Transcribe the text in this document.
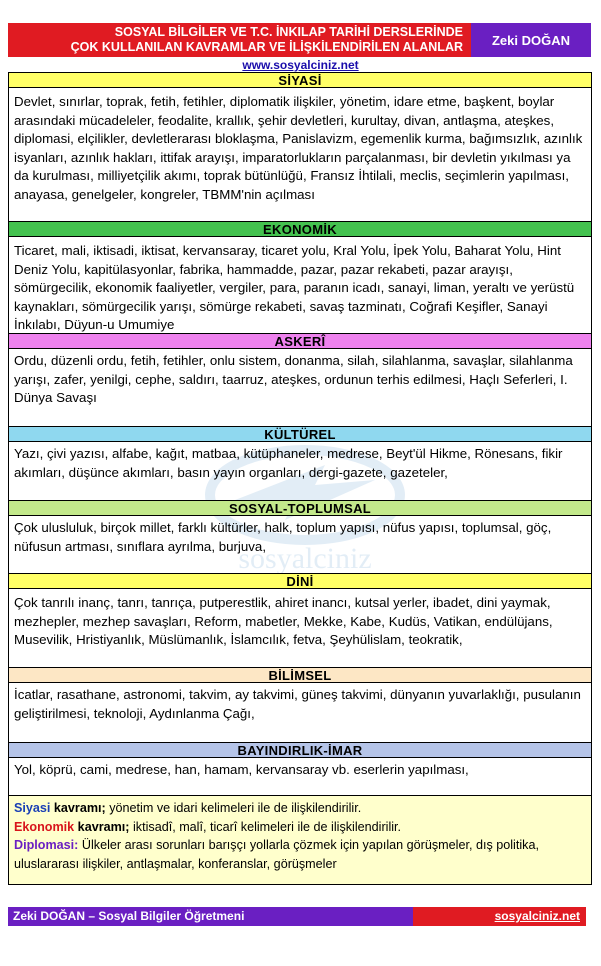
SOSYAL BİLGİLER VE T.C. İNKILAP TARİHİ DERSLERİNDE
ÇOK KULLANILAN KAVRAMLAR VE İLİŞKİLENDİRİLEN ALANLAR	Zeki DOĞAN
www.sosyalciniz.net
sosyalciniz
SİYASİ
Devlet, sınırlar, toprak, fetih, fetihler, diplomatik ilişkiler, yönetim, idare etme, başkent, boylar arasındaki mücadeleler, feodalite, krallık, şehir devletleri, kurultay, divan, antlaşma, ateşkes, diplomasi, elçilikler, devletlerarası bloklaşma, Panislavizm, egemenlik kurma, bağımsızlık, azınlık isyanları, azınlık hakları, ittifak arayışı, imparatorlukların parçalanması, bir devletin yıkılması ya da kurulması, milliyetçilik akımı, toprak bütünlüğü, Fransız İhtilali, meclis, seçimlerin yapılması, anayasa, genelgeler, kongreler, TBMM'nin açılması
EKONOMİK
Ticaret, mali, iktisadi, iktisat, kervansaray, ticaret yolu, Kral Yolu, İpek Yolu, Baharat Yolu, Hint Deniz Yolu, kapitülasyonlar, fabrika, hammadde, pazar, pazar rekabeti, pazar arayışı, sömürgecilik, ekonomik faaliyetler, vergiler, para, paranın icadı, sanayi, liman, yeraltı ve yerüstü kaynakları, sömürgecilik yarışı, sömürge rekabeti, savaş tazminatı, Coğrafi Keşifler, Sanayi İnkılabı, Düyun-u Umumiye
ASKERÎ
Ordu, düzenli ordu, fetih, fetihler, onlu sistem, donanma, silah, silahlanma, savaşlar, silahlanma yarışı, zafer, yenilgi, cephe, saldırı, taarruz, ateşkes, ordunun terhis edilmesi, Haçlı Seferleri, I. Dünya Savaşı
KÜLTÜREL
Yazı, çivi yazısı, alfabe, kağıt, matbaa, kütüphaneler, medrese, Beyt'ül Hikme, Rönesans, fikir akımları, düşünce akımları, basın yayın organları, dergi-gazete, gazeteler,
SOSYAL-TOPLUMSAL
Çok ulusluluk, birçok millet, farklı kültürler, halk, toplum yapısı, nüfus yapısı, toplumsal, göç, nüfusun artması, sınıflara ayrılma, burjuva,
DİNİ
Çok tanrılı inanç, tanrı, tanrıça, putperestlik, ahiret inancı, kutsal yerler, ibadet, dini yaymak, mezhepler, mezhep savaşları, Reform, mabetler, Mekke, Kabe, Kudüs, Vatikan, endülüjans, Musevilik, Hristiyanlık, Müslümanlık, İslamcılık, fetva, Şeyhülislam, teokratik,
BİLİMSEL
İcatlar, rasathane, astronomi, takvim, ay takvimi, güneş takvimi, dünyanın yuvarlaklığı, pusulanın geliştirilmesi, teknoloji, Aydınlanma Çağı,
BAYINDIRLIK-İMAR
Yol, köprü, cami, medrese, han, hamam, kervansaray vb. eserlerin yapılması,
Siyasi kavramı; yönetim ve idari kelimeleri ile de ilişkilendirilir.
Ekonomik kavramı; iktisadî, malî, ticarî kelimeleri ile de ilişkilendirilir.
Diplomasi: Ülkeler arası sorunları barışçı yollarla çözmek için yapılan görüşmeler, dış politika, uluslararası ilişkiler, antlaşmalar, konferanslar, görüşmeler
Zeki DOĞAN – Sosyal Bilgiler Öğretmeni	sosyalciniz.net
